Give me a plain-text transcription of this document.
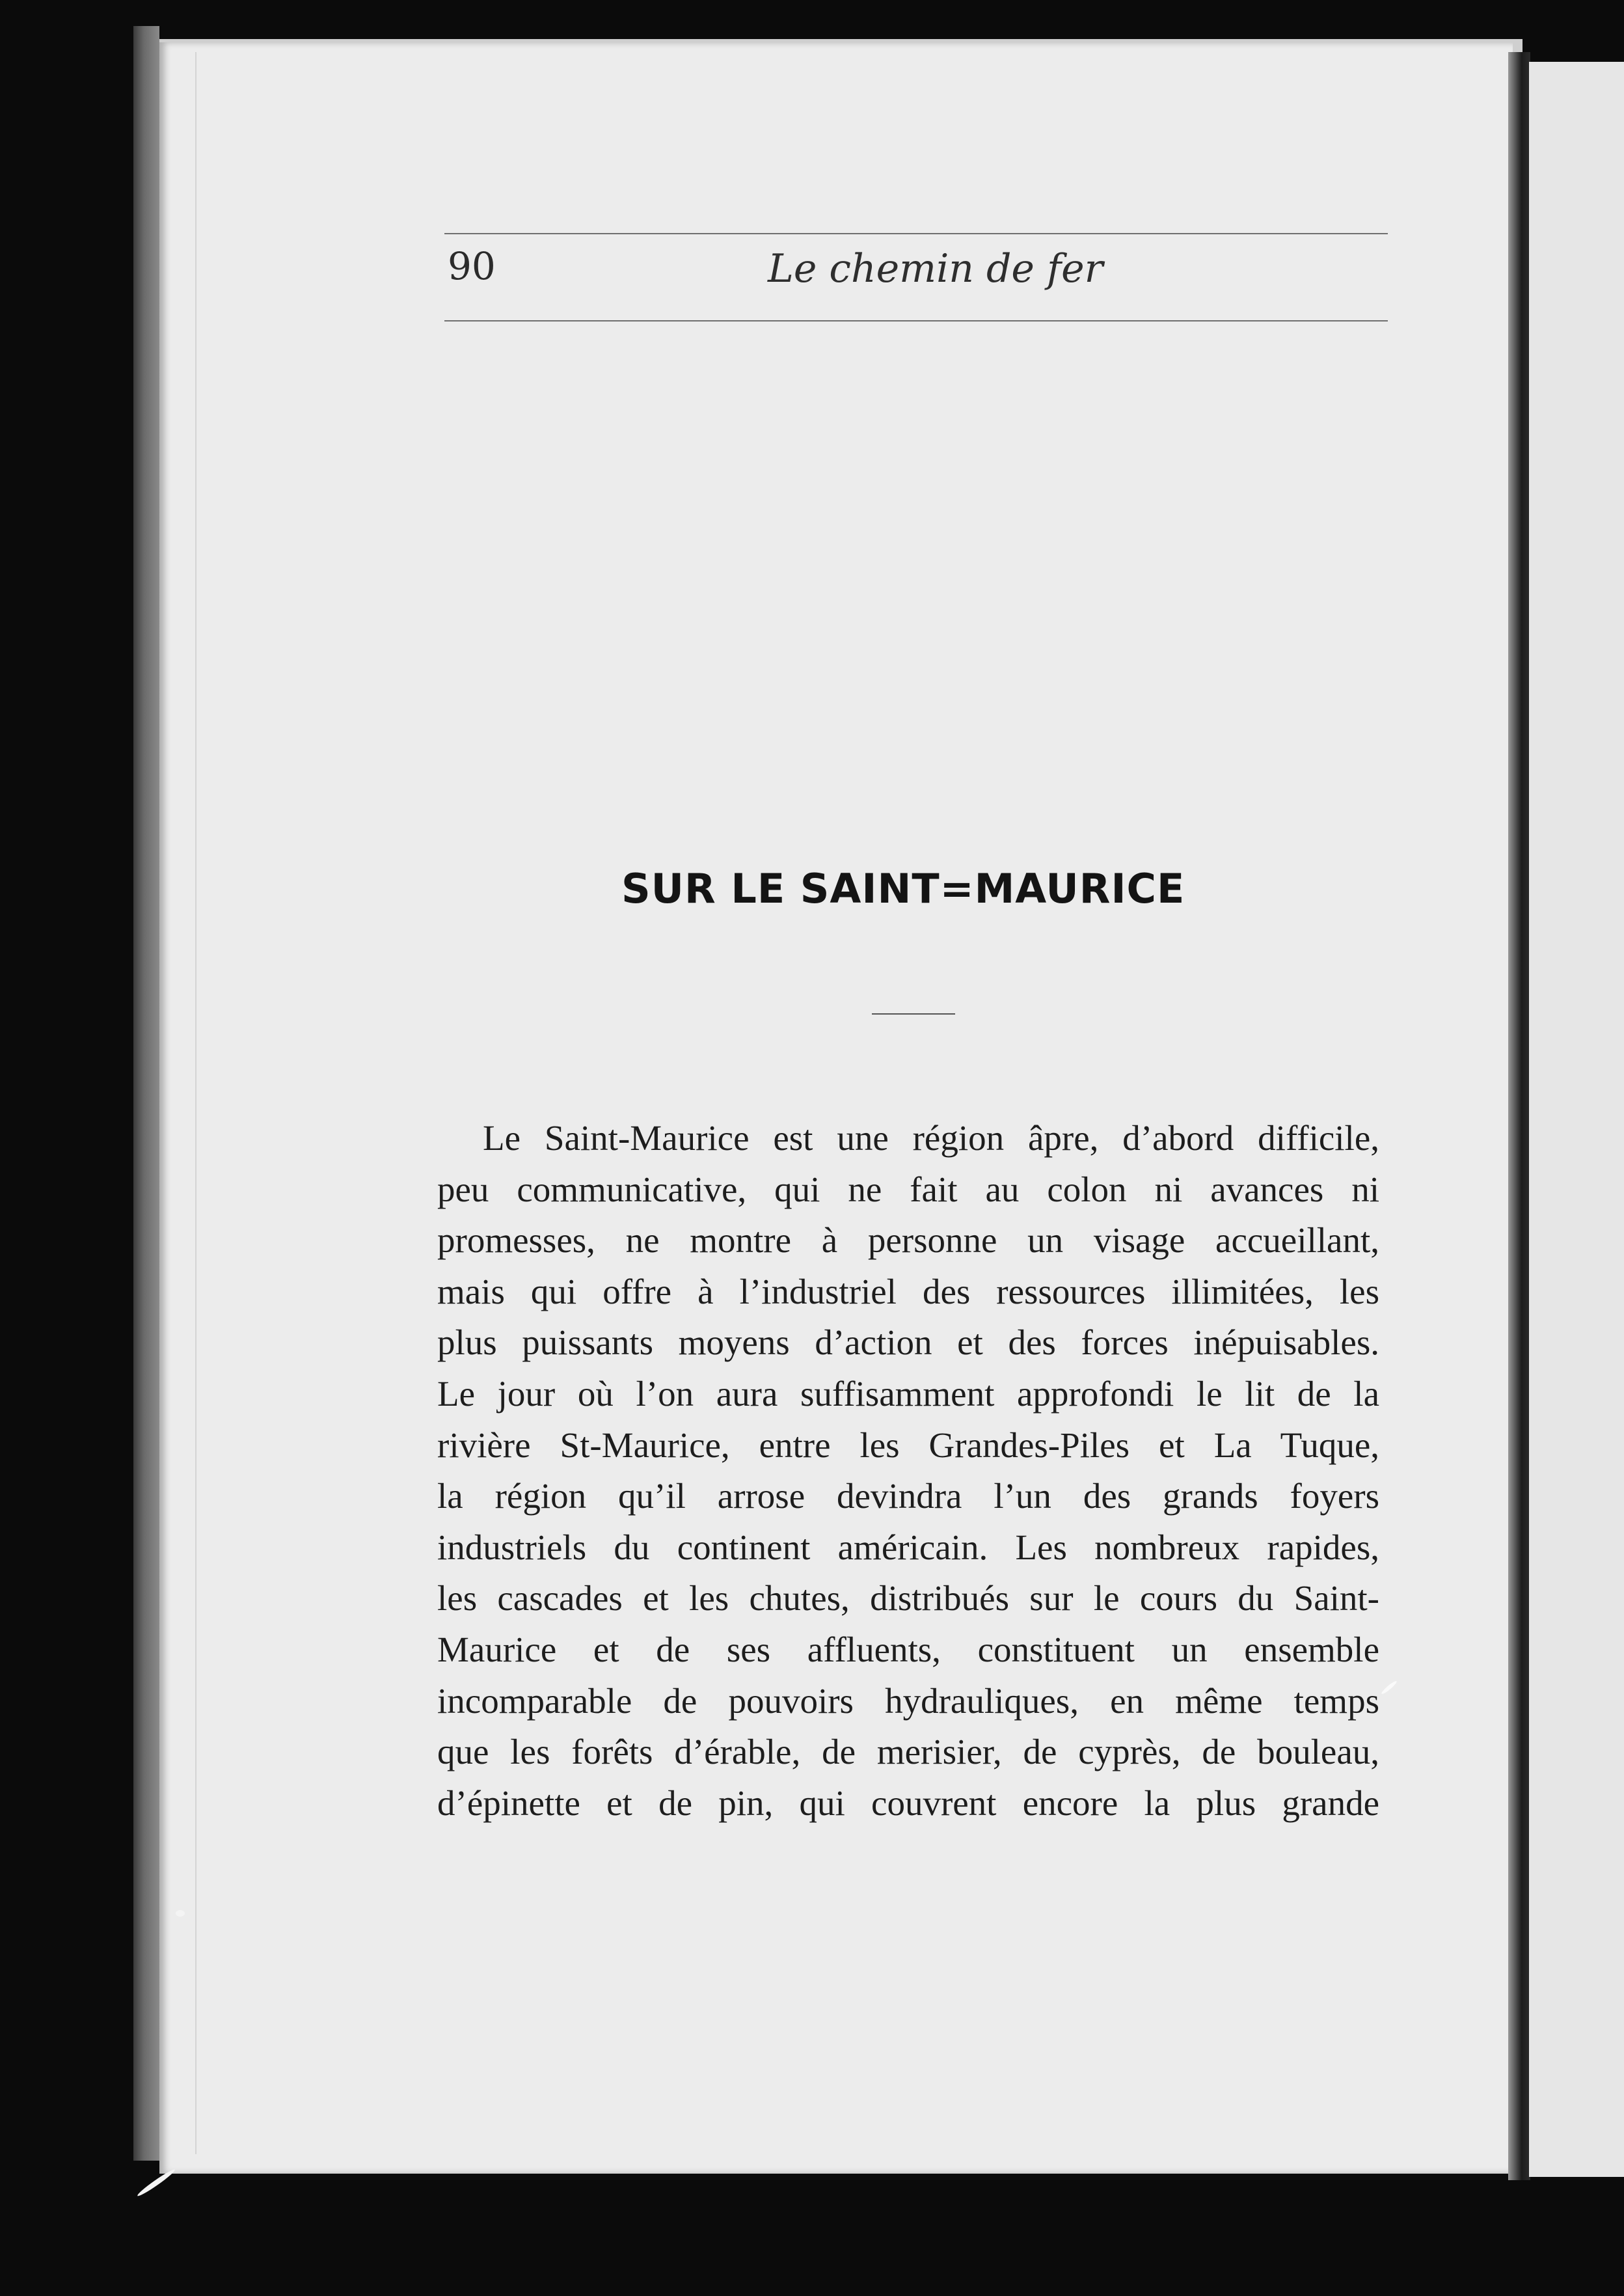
90	Le chemin de fer
SUR LE SAINT=MAURICE
Le Saint-Maurice est une région âpre, d’abord difficile,
peu communicative, qui ne fait au colon ni avances ni
promesses, ne montre à personne un visage accueillant,
mais qui offre à l’industriel des ressources illimitées, les
plus puissants moyens d’action et des forces inépuisables.
Le jour où l’on aura suffisamment approfondi le lit de la
rivière St-Maurice, entre les Grandes-Piles et La Tuque,
la région qu’il arrose devindra l’un des grands foyers
industriels du continent américain. Les nombreux rapides,
les cascades et les chutes, distribués sur le cours du Saint-
Maurice et de ses affluents, constituent un ensemble
incomparable de pouvoirs hydrauliques, en même temps
que les forêts d’érable, de merisier, de cyprès, de bouleau,
d’épinette et de pin, qui couvrent encore la plus grande
